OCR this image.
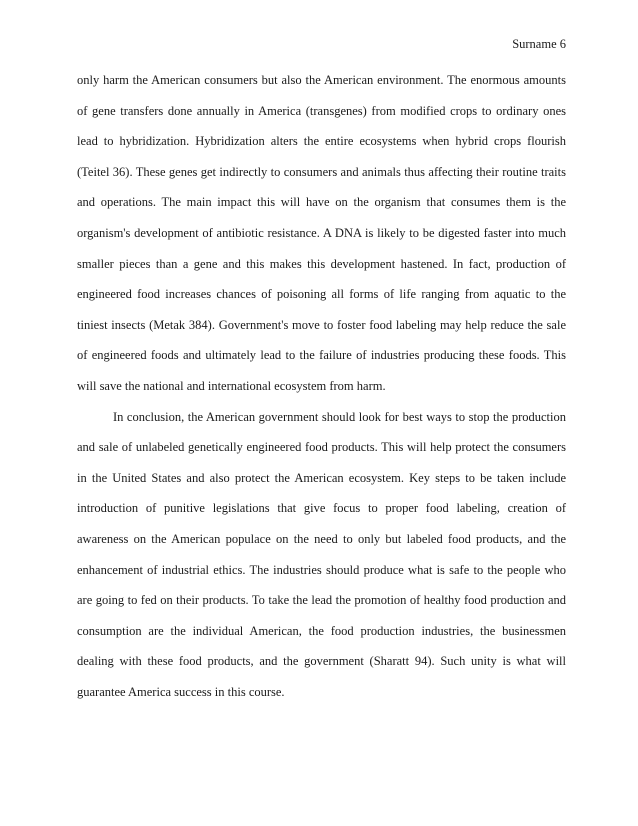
Surname 6
only harm the American consumers but also the American environment. The enormous amounts
of gene transfers done annually in America (transgenes) from modified crops to ordinary ones
lead to hybridization. Hybridization alters the entire ecosystems when hybrid crops flourish
(Teitel 36). These genes get indirectly to consumers and animals thus affecting their routine traits
and operations. The main impact this will have on the organism that consumes them is the
organism's development of antibiotic resistance. A DNA is likely to be digested faster into much
smaller pieces than a gene and this makes this development hastened. In fact, production of
engineered food increases chances of poisoning all forms of life ranging from aquatic to the
tiniest insects (Metak 384). Government's move to foster food labeling may help reduce the sale
of engineered foods and ultimately lead to the failure of industries producing these foods. This
will save the national and international ecosystem from harm.
In conclusion, the American government should look for best ways to stop the production
and sale of unlabeled genetically engineered food products. This will help protect the consumers
in the United States and also protect the American ecosystem. Key steps to be taken include
introduction of punitive legislations that give focus to proper food labeling, creation of
awareness on the American populace on the need to only but labeled food products, and the
enhancement of industrial ethics. The industries should produce what is safe to the people who
are going to fed on their products. To take the lead the promotion of healthy food production and
consumption are the individual American, the food production industries, the businessmen
dealing with these food products, and the government (Sharatt 94). Such unity is what will
guarantee America success in this course.
